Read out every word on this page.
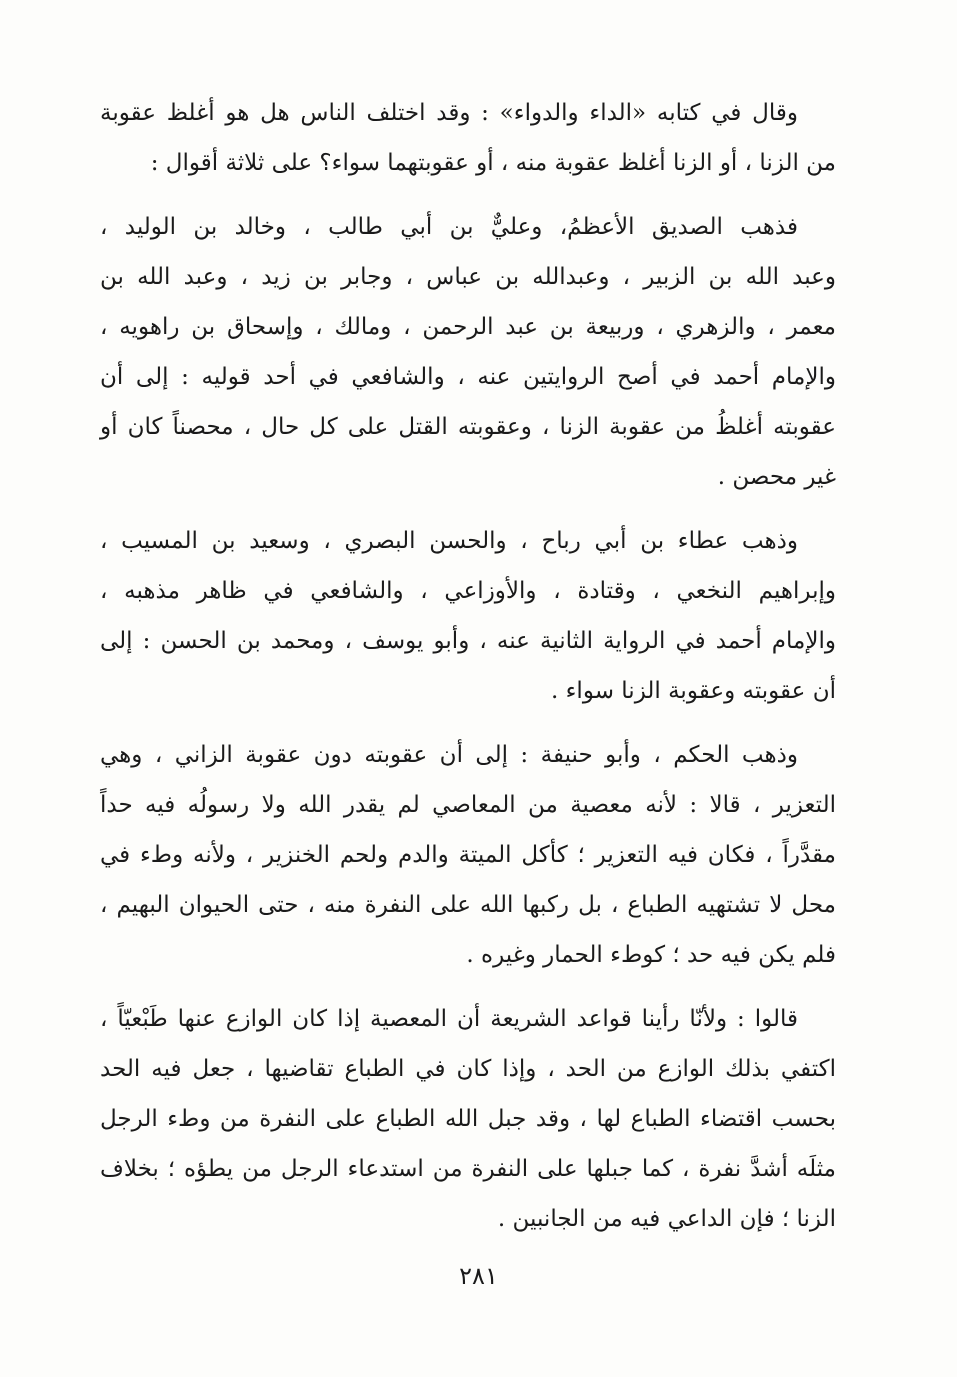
وقال في كتابه «الداء والدواء» : وقد اختلف الناس هل هو أغلظ عقوبة
من الزنا ، أو الزنا أغلظ عقوبة منه ، أو عقوبتهما سواء؟ على ثلاثة أقوال :

فذهب الصديق الأعظمُ، وعليٌّ بن أبي طالب ، وخالد بن الوليد ،
وعبد الله بن الزبير ، وعبدالله بن عباس ، وجابر بن زيد ، وعبد الله بن
معمر ، والزهري ، وربيعة بن عبد الرحمن ، ومالك ، وإسحاق بن راهويه ،
والإمام أحمد في أصح الروايتين عنه ، والشافعي في أحد قوليه : إلى أن
عقوبته أغلظُ من عقوبة الزنا ، وعقوبته القتل على كل حال ، محصناً كان أو
غير محصن .

وذهب عطاء بن أبي رباح ، والحسن البصري ، وسعيد بن المسيب ،
وإبراهيم النخعي ، وقتادة ، والأوزاعي ، والشافعي في ظاهر مذهبه ،
والإمام أحمد في الرواية الثانية عنه ، وأبو يوسف ، ومحمد بن الحسن : إلى
أن عقوبته وعقوبة الزنا سواء .

وذهب الحكم ، وأبو حنيفة : إلى أن عقوبته دون عقوبة الزاني ، وهي
التعزير ، قالا : لأنه معصية من المعاصي لم يقدر الله ولا رسولُه فيه حداً
مقدَّراً ، فكان فيه التعزير ؛ كأكل الميتة والدم ولحم الخنزير ، ولأنه وطء في
محل لا تشتهيه الطباع ، بل ركبها الله على النفرة منه ، حتى الحيوان البهيم ،
فلم يكن فيه حد ؛ كوطء الحمار وغيره .

قالوا : ولأنّا رأينا قواعد الشريعة أن المعصية إذا كان الوازع عنها طَبْعيّاً ،
اكتفي بذلك الوازع من الحد ، وإذا كان في الطباع تقاضيها ، جعل فيه الحد
بحسب اقتضاء الطباع لها ، وقد جبل الله الطباع على النفرة من وطء الرجل
مثلَه أشدَّ نفرة ، كما جبلها على النفرة من استدعاء الرجل من يطؤه ؛ بخلاف
الزنا ؛ فإن الداعي فيه من الجانبين .

٢٨١
